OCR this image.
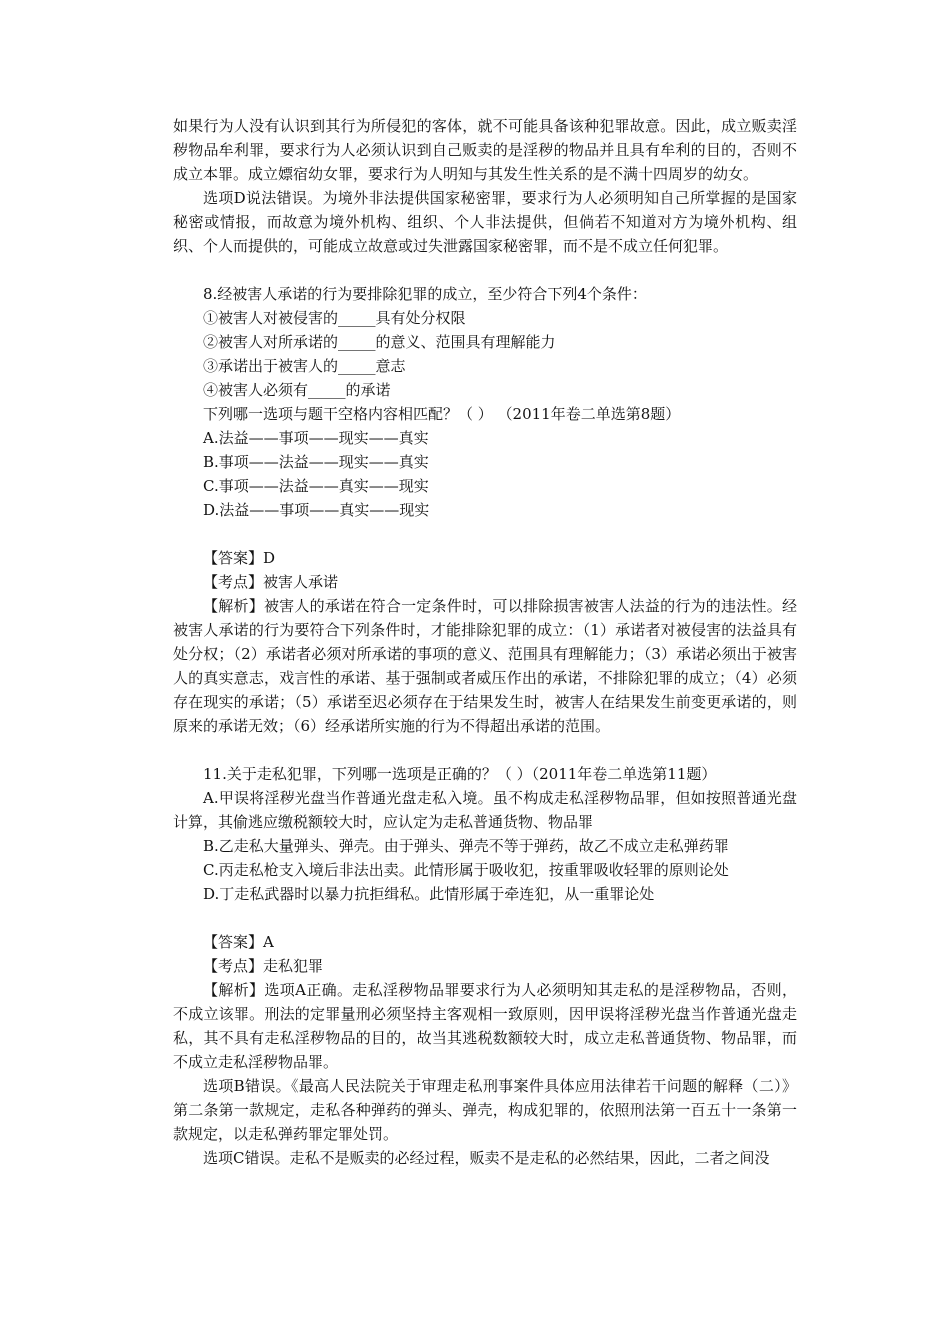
如果行为人没有认识到其行为所侵犯的客体，就不可能具备该种犯罪故意。因此，成立贩卖淫秽物品牟利罪，要求行为人必须认识到自己贩卖的是淫秽的物品并且具有牟利的目的，否则不成立本罪。成立嫖宿幼女罪，要求行为人明知与其发生性关系的是不满十四周岁的幼女。

选项D说法错误。为境外非法提供国家秘密罪，要求行为人必须明知自己所掌握的是国家秘密或情报，而故意为境外机构、组织、个人非法提供，但倘若不知道对方为境外机构、组织、个人而提供的，可能成立故意或过失泄露国家秘密罪，而不是不成立任何犯罪。

8.经被害人承诺的行为要排除犯罪的成立，至少符合下列4个条件：

①被害人对被侵害的_____具有处分权限

②被害人对所承诺的_____的意义、范围具有理解能力

③承诺出于被害人的_____意志

④被害人必须有_____的承诺

下列哪一选项与题干空格内容相匹配？（ ） （2011年卷二单选第8题）

A.法益——事项——现实——真实

B.事项——法益——现实——真实

C.事项——法益——真实——现实

D.法益——事项——真实——现实

【答案】D

【考点】被害人承诺

【解析】被害人的承诺在符合一定条件时，可以排除损害被害人法益的行为的违法性。经被害人承诺的行为要符合下列条件时，才能排除犯罪的成立：（1）承诺者对被侵害的法益具有处分权；（2）承诺者必须对所承诺的事项的意义、范围具有理解能力；（3）承诺必须出于被害人的真实意志，戏言性的承诺、基于强制或者威压作出的承诺，不排除犯罪的成立；（4）必须存在现实的承诺；（5）承诺至迟必须存在于结果发生时，被害人在结果发生前变更承诺的，则原来的承诺无效；（6）经承诺所实施的行为不得超出承诺的范围。

11.关于走私犯罪，下列哪一选项是正确的？（ ）（2011年卷二单选第11题）

A.甲误将淫秽光盘当作普通光盘走私入境。虽不构成走私淫秽物品罪，但如按照普通光盘计算，其偷逃应缴税额较大时，应认定为走私普通货物、物品罪

B.乙走私大量弹头、弹壳。由于弹头、弹壳不等于弹药，故乙不成立走私弹药罪

C.丙走私枪支入境后非法出卖。此情形属于吸收犯，按重罪吸收轻罪的原则论处

D.丁走私武器时以暴力抗拒缉私。此情形属于牵连犯，从一重罪论处

【答案】A

【考点】走私犯罪

【解析】选项A正确。走私淫秽物品罪要求行为人必须明知其走私的是淫秽物品，否则，不成立该罪。刑法的定罪量刑必须坚持主客观相一致原则，因甲误将淫秽光盘当作普通光盘走私，其不具有走私淫秽物品的目的，故当其逃税数额较大时，成立走私普通货物、物品罪，而不成立走私淫秽物品罪。

选项B错误。《最高人民法院关于审理走私刑事案件具体应用法律若干问题的解释（二）》第二条第一款规定，走私各种弹药的弹头、弹壳，构成犯罪的，依照刑法第一百五十一条第一款规定，以走私弹药罪定罪处罚。

选项C错误。走私不是贩卖的必经过程，贩卖不是走私的必然结果，因此，二者之间没
